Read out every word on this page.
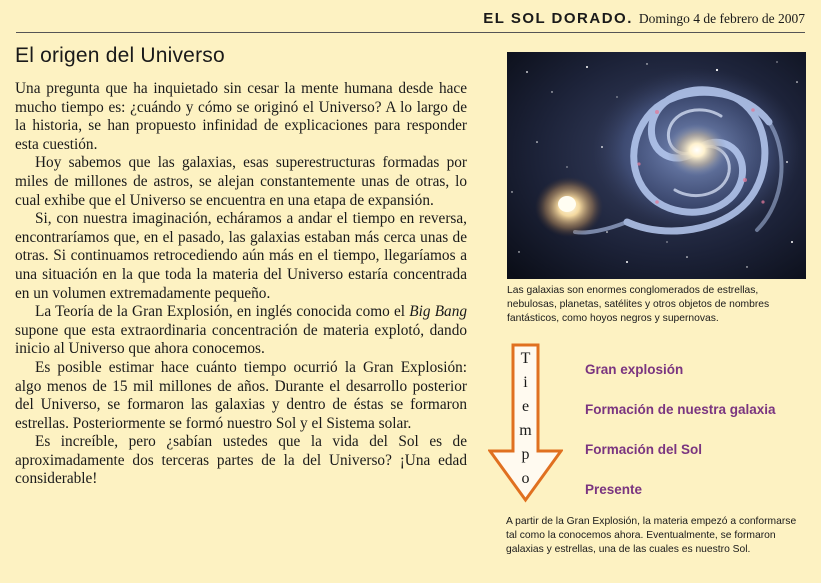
EL SOL DORADO. Domingo 4 de febrero de 2007
El origen del Universo

Una pregunta que ha inquietado sin cesar la mente humana desde hace mucho tiempo es: ¿cuándo y cómo se originó el Universo? A lo largo de la historia, se han propuesto infinidad de explicaciones para responder esta cuestión.

Hoy sabemos que las galaxias, esas superestructuras formadas por miles de millones de astros, se alejan constantemente unas de otras, lo cual exhibe que el Universo se encuentra en una etapa de expansión.

Si, con nuestra imaginación, echáramos a andar el tiempo en reversa, encontraríamos que, en el pasado, las galaxias estaban más cerca unas de otras. Si continuamos retrocediendo aún más en el tiempo, llegaríamos a una situación en la que toda la materia del Universo estaría concentrada en un volumen extremadamente pequeño.

La Teoría de la Gran Explosión, en inglés conocida como el Big Bang supone que esta extraordinaria concentración de materia explotó, dando inicio al Universo que ahora conocemos.

Es posible estimar hace cuánto tiempo ocurrió la Gran Explosión: algo menos de 15 mil millones de años. Durante el desarrollo posterior del Universo, se formaron las galaxias y dentro de éstas se formaron estrellas. Posteriormente se formó nuestro Sol y el Sistema solar.

Es increíble, pero ¿sabían ustedes que la vida del Sol es de aproximadamente dos terceras partes de la del Universo? ¡Una edad considerable!

Las galaxias son enormes conglomerados de estrellas, nebulosas, planetas, satélites y otros objetos de nombres fantásticos, como hoyos negros y supernovas.
T
i
e
m
p
o
Gran explosión
Formación de nuestra galaxia
Formación del Sol
Presente
A partir de la Gran Explosión, la materia empezó a conformarse tal como la conocemos ahora. Eventualmente, se formaron galaxias y estrellas, una de las cuales es nuestro Sol.
